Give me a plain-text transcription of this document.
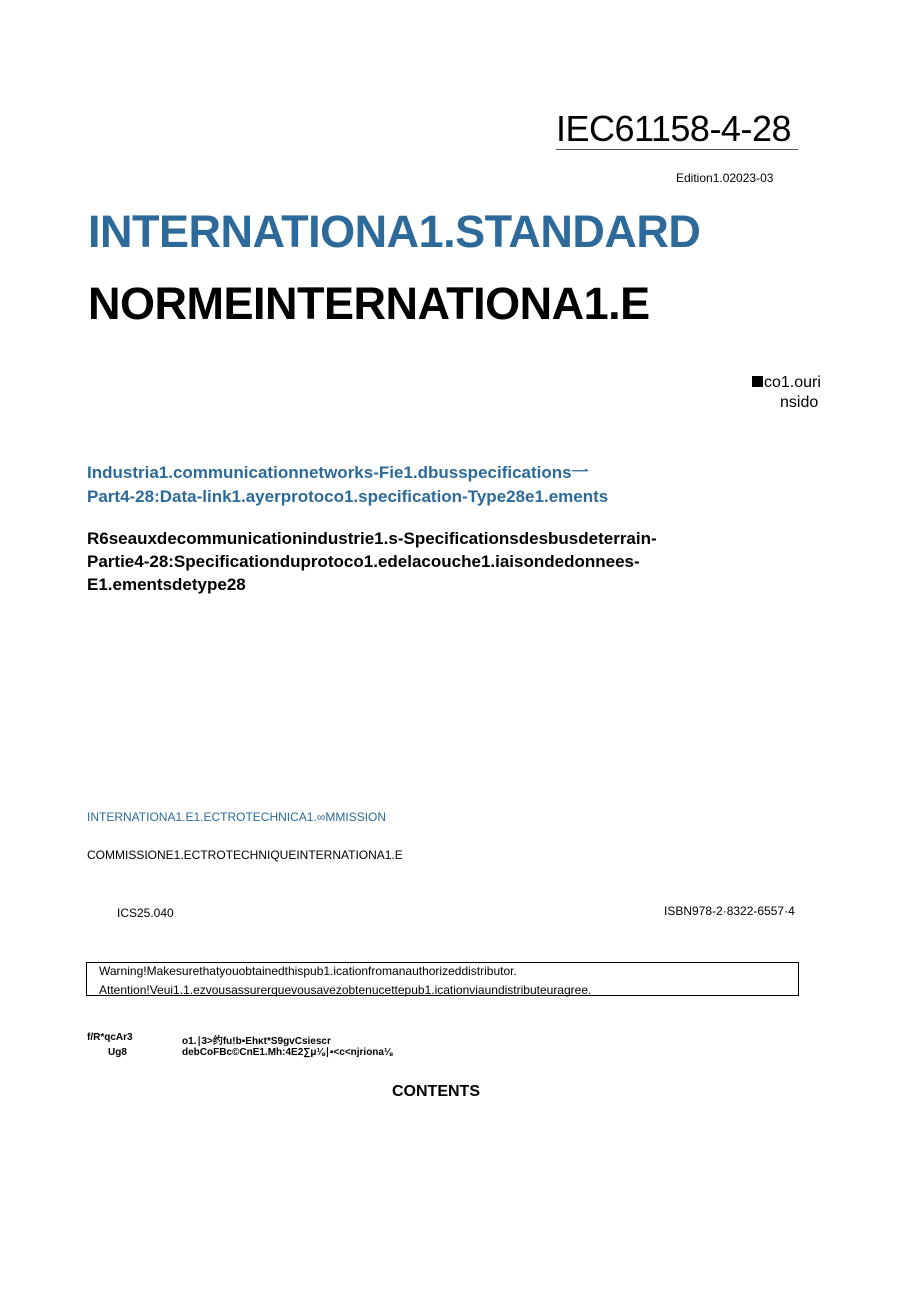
IEC61158-4-28
Edition1.02023-03
INTERNATIONA1.STANDARD
NORMEINTERNATIONA1.E
co1.ouri
nsido
Industria1.communicationnetworks-Fie1.dbusspecifications一
Part4-28:Data-link1.ayerprotoco1.specification-Type28e1.ements
R6seauxdecommunicationindustrie1.s-Specificationsdesbusdeterrain-
Partie4-28:Specificationduprotoco1.edelacouche1.iaisondedonnees-
E1.ementsdetype28
INTERNATIONA1.E1.ECTROTECHNICA1.∞MMISSION
COMMISSIONE1.ECTROTECHNIQUEINTERNATIONA1.E
ICS25.040	ISBN978-2·8322-6557·4
Warning!Makesurethatyouobtainedthispub1.icationfromanauthorizeddistributor.
Attention!Veui1.1.ezvousassurerquevousavezobtenucettepub1.icationviaundistributeuragree.
f/R*qcAr3	o1.∣3>约fu!b▪Ehκt*S9gvCsiescr
Ug8	debCoFBc©CnE1.Mh:4E2∑μ⅛∣▪<c<njriona⅛
CONTENTS
